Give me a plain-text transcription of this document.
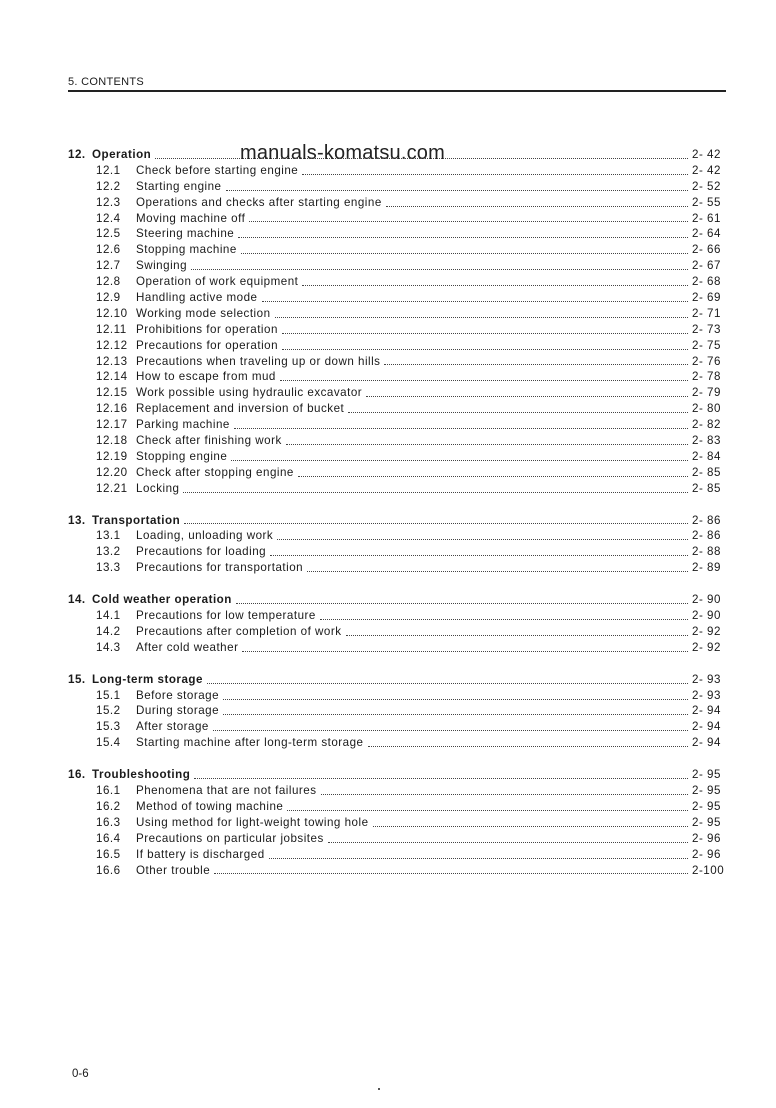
5. CONTENTS
manuals-komatsu.com
12. Operation	2- 42
12.1	Check before starting engine	2- 42
12.2	Starting engine	2- 52
12.3	Operations and checks after starting engine	2- 55
12.4	Moving machine off	2- 61
12.5	Steering machine	2- 64
12.6	Stopping machine	2- 66
12.7	Swinging	2- 67
12.8	Operation of work equipment	2- 68
12.9	Handling active mode	2- 69
12.10 Working mode selection	2- 71
12.11 Prohibitions for operation	2- 73
12.12 Precautions for operation	2- 75
12.13 Precautions when traveling up or down hills	2- 76
12.14 How to escape from mud	2- 78
12.15 Work possible using hydraulic excavator	2- 79
12.16 Replacement and inversion of bucket	2- 80
12.17 Parking machine	2- 82
12.18 Check after finishing work	2- 83
12.19 Stopping engine	2- 84
12.20 Check after stopping engine	2- 85
12.21 Locking	2- 85
13. Transportation	2- 86
13.1	Loading, unloading work	2- 86
13.2	Precautions for loading	2- 88
13.3	Precautions for transportation	2- 89
14. Cold weather operation	2- 90
14.1	Precautions for low temperature	2- 90
14.2	Precautions after completion of work	2- 92
14.3	After cold weather	2- 92
15. Long-term storage	2- 93
15.1	Before storage	2- 93
15.2	During storage	2- 94
15.3	After storage	2- 94
15.4	Starting machine after long-term storage	2- 94
16. Troubleshooting	2- 95
16.1	Phenomena that are not failures	2- 95
16.2	Method of towing machine	2- 95
16.3	Using method for light-weight towing hole	2- 95
16.4	Precautions on particular jobsites	2- 96
16.5	If battery is discharged	2- 96
16.6	Other trouble	2-100
0-6
